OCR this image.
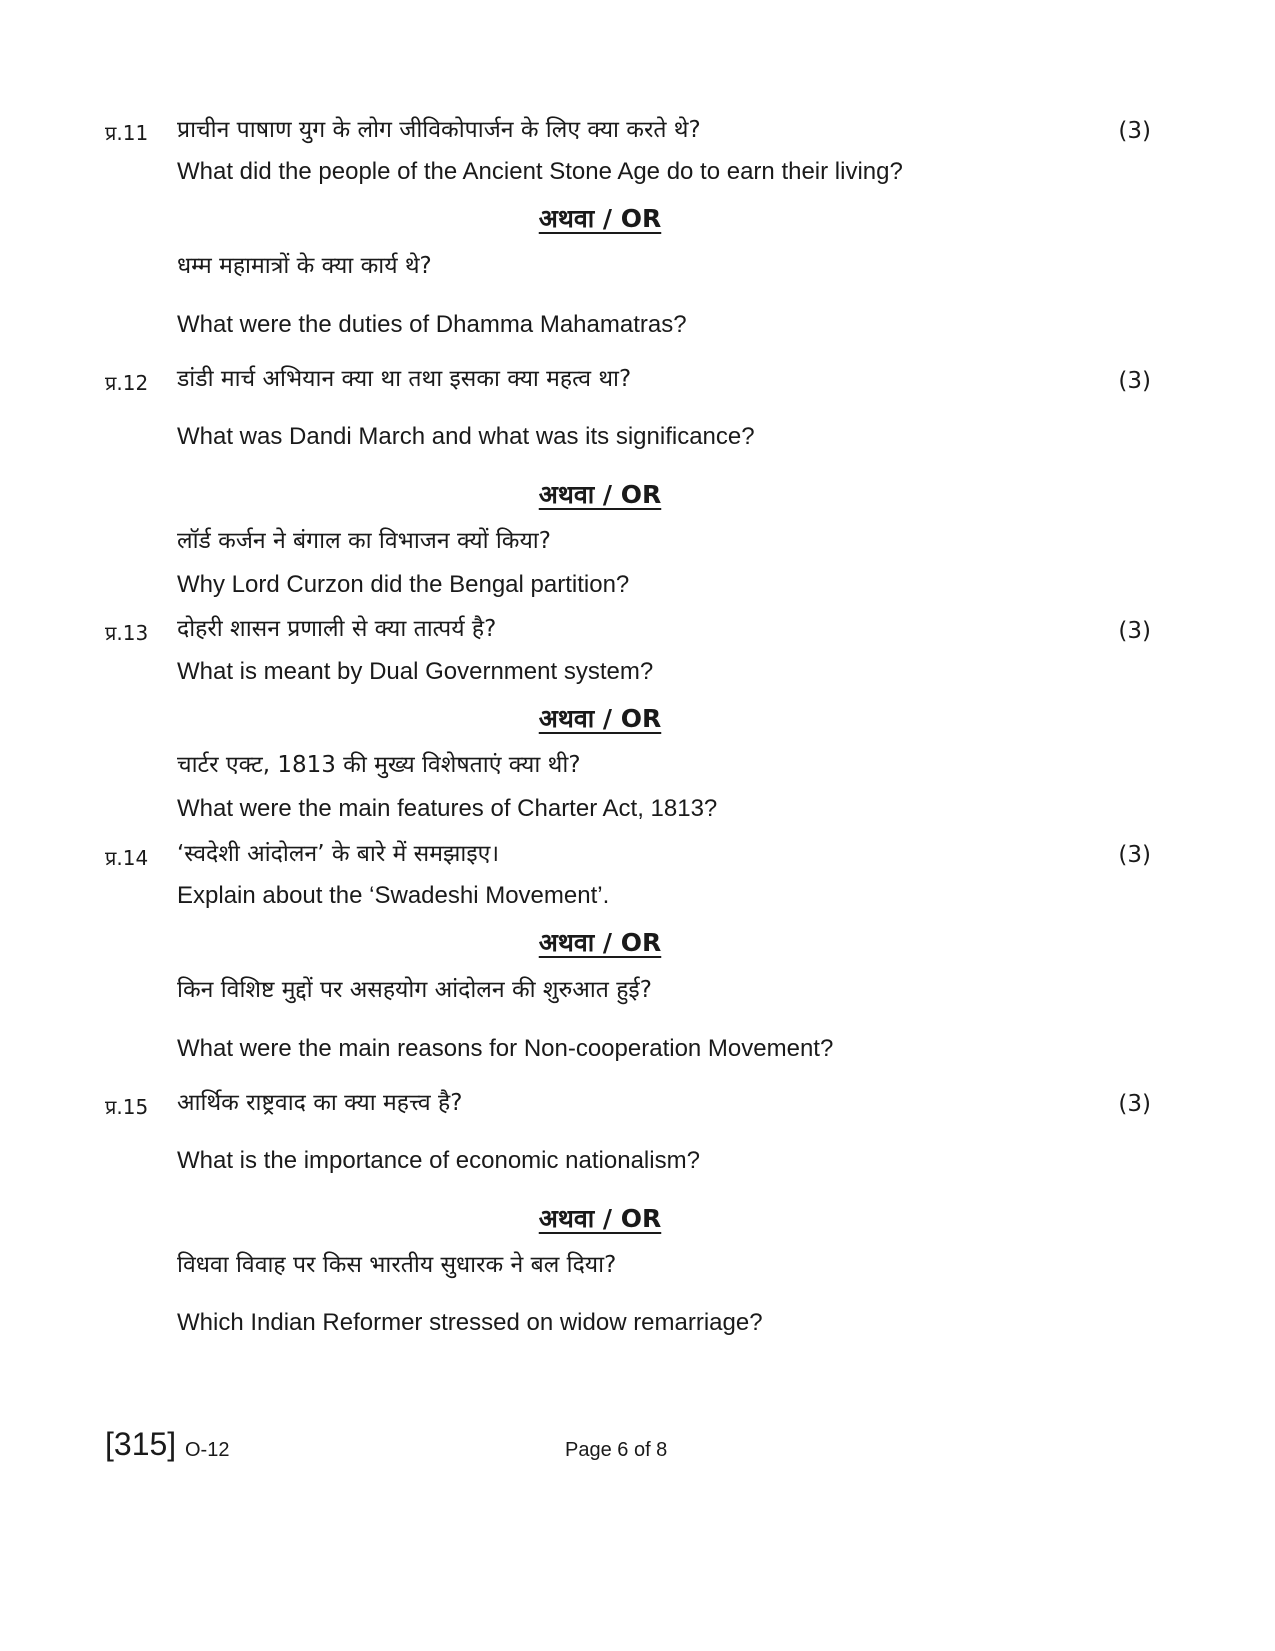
प्र.11 प्राचीन पाषाण युग के लोग जीविकोपार्जन के लिए क्या करते थे?	(3)
What did the people of the Ancient Stone Age do to earn their living?
अथवा / OR
धम्म महामात्रों के क्या कार्य थे?
What were the duties of Dhamma Mahamatras?
प्र.12 डांडी मार्च अभियान क्या था तथा इसका क्या महत्व था?	(3)
What was Dandi March and what was its significance?
अथवा / OR
लॉर्ड कर्जन ने बंगाल का विभाजन क्यों किया?
Why Lord Curzon did the Bengal partition?
प्र.13 दोहरी शासन प्रणाली से क्या तात्पर्य है?	(3)
What is meant by Dual Government system?
अथवा / OR
चार्टर एक्ट, 1813 की मुख्य विशेषताएं क्या थी?
What were the main features of Charter Act, 1813?
प्र.14 ‘स्वदेशी आंदोलन’ के बारे में समझाइए।	(3)
Explain about the ‘Swadeshi Movement’.
अथवा / OR
किन विशिष्ट मुद्दों पर असहयोग आंदोलन की शुरुआत हुई?
What were the main reasons for Non-cooperation Movement?
प्र.15 आर्थिक राष्ट्रवाद का क्या महत्त्व है?	(3)
What is the importance of economic nationalism?
अथवा / OR
विधवा विवाह पर किस भारतीय सुधारक ने बल दिया?
Which Indian Reformer stressed on widow remarriage?
[315] O-12	Page 6 of 8
